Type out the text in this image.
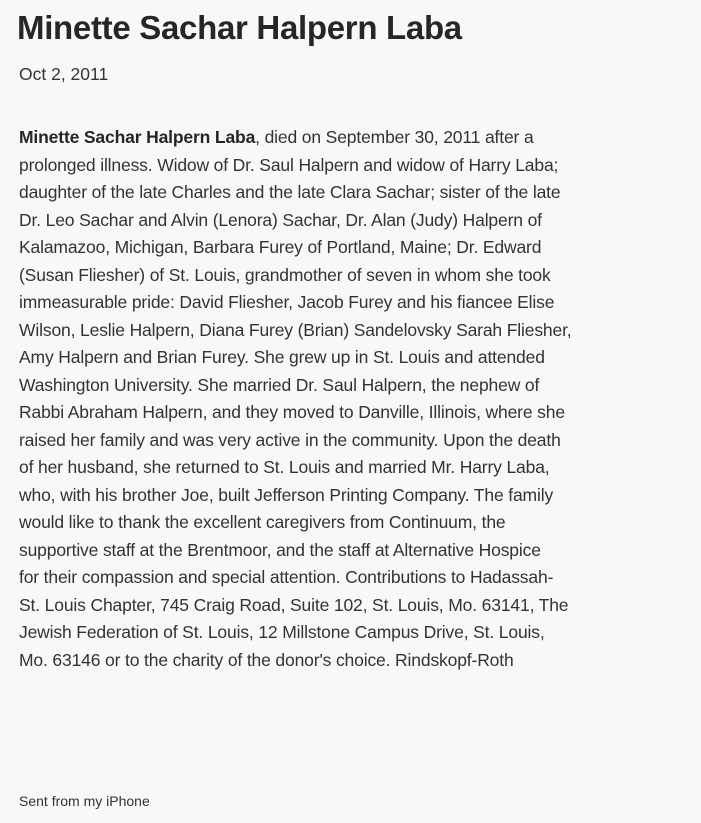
Minette Sachar Halpern Laba
Oct 2, 2011

Minette Sachar Halpern Laba, died on September 30, 2011 after a
prolonged illness. Widow of Dr. Saul Halpern and widow of Harry Laba;
daughter of the late Charles and the late Clara Sachar; sister of the late
Dr. Leo Sachar and Alvin (Lenora) Sachar, Dr. Alan (Judy) Halpern of
Kalamazoo, Michigan, Barbara Furey of Portland, Maine; Dr. Edward
(Susan Fliesher) of St. Louis, grandmother of seven in whom she took
immeasurable pride: David Fliesher, Jacob Furey and his fiancee Elise
Wilson, Leslie Halpern, Diana Furey (Brian) Sandelovsky Sarah Fliesher,
Amy Halpern and Brian Furey. She grew up in St. Louis and attended
Washington University. She married Dr. Saul Halpern, the nephew of
Rabbi Abraham Halpern, and they moved to Danville, Illinois, where she
raised her family and was very active in the community. Upon the death
of her husband, she returned to St. Louis and married Mr. Harry Laba,
who, with his brother Joe, built Jefferson Printing Company. The family
would like to thank the excellent caregivers from Continuum, the
supportive staff at the Brentmoor, and the staff at Alternative Hospice
for their compassion and special attention. Contributions to Hadassah-
St. Louis Chapter, 745 Craig Road, Suite 102, St. Louis, Mo. 63141, The
Jewish Federation of St. Louis, 12 Millstone Campus Drive, St. Louis,
Mo. 63146 or to the charity of the donor's choice. Rindskopf-Roth

Sent from my iPhone
